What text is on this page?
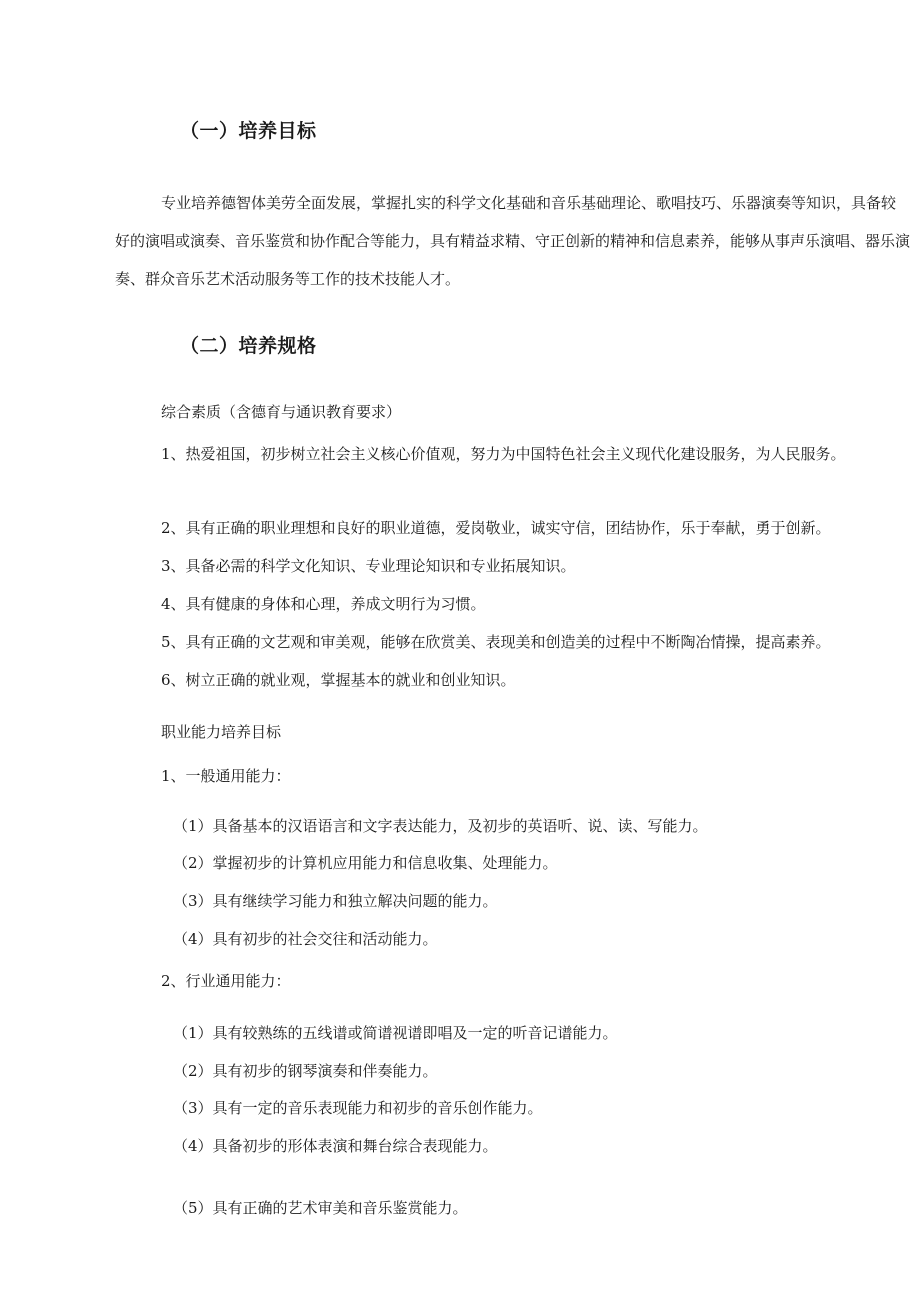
（一）培养目标

专业培养德智体美劳全面发展，掌握扎实的科学文化基础和音乐基础理论、歌唱技巧、乐器演奏等知识，具备较好的演唱或演奏、音乐鉴赏和协作配合等能力，具有精益求精、守正创新的精神和信息素养，能够从事声乐演唱、器乐演奏、群众音乐艺术活动服务等工作的技术技能人才。

（二）培养规格

综合素质（含德育与通识教育要求）

1、热爱祖国，初步树立社会主义核心价值观，努力为中国特色社会主义现代化建设服务，为人民服务。

2、具有正确的职业理想和良好的职业道德，爱岗敬业，诚实守信，团结协作，乐于奉献，勇于创新。

3、具备必需的科学文化知识、专业理论知识和专业拓展知识。

4、具有健康的身体和心理，养成文明行为习惯。

5、具有正确的文艺观和审美观，能够在欣赏美、表现美和创造美的过程中不断陶冶情操，提高素养。

6、树立正确的就业观，掌握基本的就业和创业知识。

职业能力培养目标

1、一般通用能力：

（1）具备基本的汉语语言和文字表达能力，及初步的英语听、说、读、写能力。

（2）掌握初步的计算机应用能力和信息收集、处理能力。

（3）具有继续学习能力和独立解决问题的能力。

（4）具有初步的社会交往和活动能力。

2、行业通用能力：

（1）具有较熟练的五线谱或简谱视谱即唱及一定的听音记谱能力。

（2）具有初步的钢琴演奏和伴奏能力。

（3）具有一定的音乐表现能力和初步的音乐创作能力。

（4）具备初步的形体表演和舞台综合表现能力。

（5）具有正确的艺术审美和音乐鉴赏能力。
